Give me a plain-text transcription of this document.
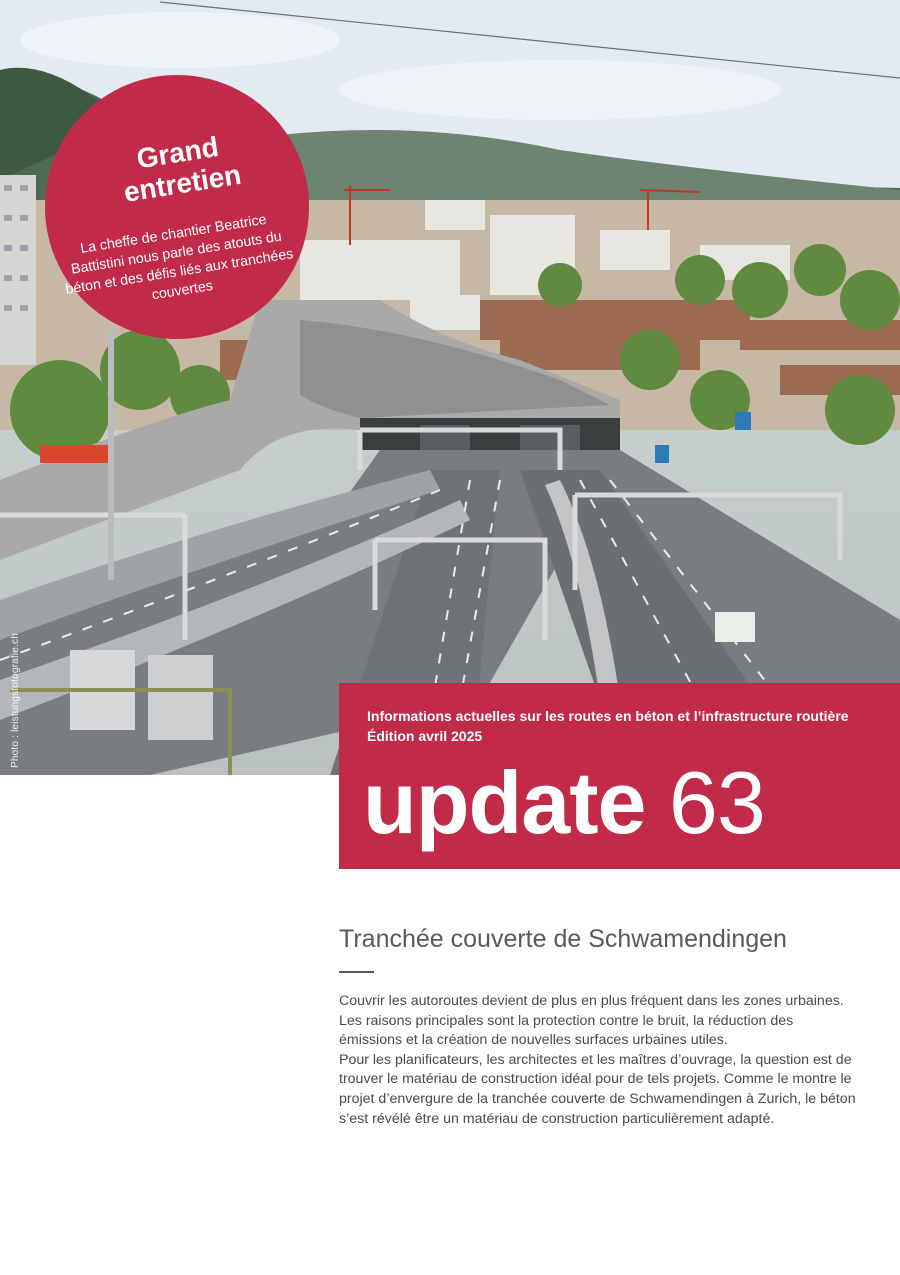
Photo : leistungsfotografie.ch
Grand entretien
La cheffe de chantier Beatrice Battistini nous parle des atouts du béton et des défis liés aux tranchées couvertes
Informations actuelles sur les routes en béton et l’infrastructure routière
Édition avril 2025
update 63
Tranchée couverte de Schwamendingen

Couvrir les autoroutes devient de plus en plus fréquent dans les zones urbaines. Les raisons principales sont la protection contre le bruit, la réduction des émissions et la création de nouvelles surfaces urbaines utiles.

Pour les planificateurs, les architectes et les maîtres d’ouvrage, la question est de trouver le matériau de construction idéal pour de tels projets. Comme le montre le projet d’envergure de la tranchée couverte de Schwamendingen à Zurich, le béton s’est révélé être un matériau de construction particulièrement adapté.
